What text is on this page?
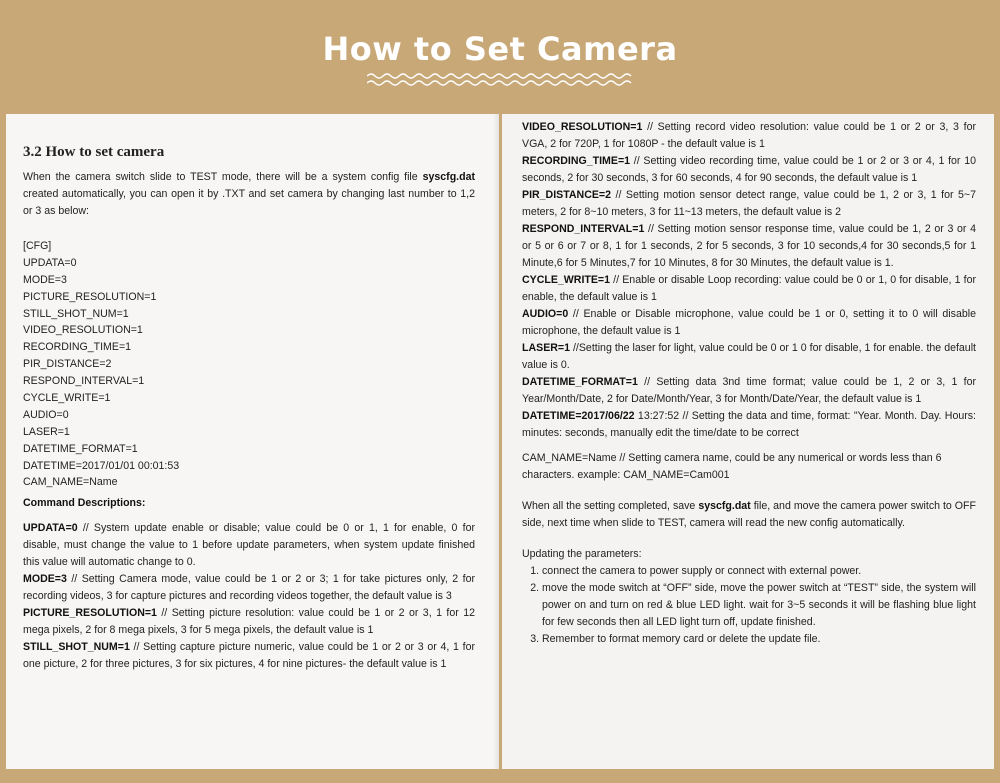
How to Set Camera
3.2 How to set camera

When the camera switch slide to TEST mode, there will be a system config file syscfg.dat created automatically, you can open it by .TXT and set camera by changing last number to 1,2 or 3 as below:

[CFG]
UPDATA=0
MODE=3
PICTURE_RESOLUTION=1
STILL_SHOT_NUM=1
VIDEO_RESOLUTION=1
RECORDING_TIME=1
PIR_DISTANCE=2
RESPOND_INTERVAL=1
CYCLE_WRITE=1
AUDIO=0
LASER=1
DATETIME_FORMAT=1
DATETIME=2017/01/01 00:01:53
CAM_NAME=Name

Command Descriptions:

UPDATA=0 // System update enable or disable; value could be 0 or 1, 1 for enable, 0 for disable, must change the value to 1 before update parameters, when system update finished this value will automatic change to 0.

MODE=3 // Setting Camera mode, value could be 1 or 2 or 3; 1 for take pictures only, 2 for recording videos, 3 for capture pictures and recording videos together, the default value is 3

PICTURE_RESOLUTION=1 // Setting picture resolution: value could be 1 or 2 or 3, 1 for 12 mega pixels, 2 for 8 mega pixels, 3 for 5 mega pixels, the default value is 1

STILL_SHOT_NUM=1 // Setting capture picture numeric, value could be 1 or 2 or 3 or 4, 1 for one picture, 2 for three pictures, 3 for six pictures, 4 for nine pictures- the default value is 1

VIDEO_RESOLUTION=1 // Setting record video resolution: value could be 1 or 2 or 3, 3 for VGA, 2 for 720P, 1 for 1080P - the default value is 1

RECORDING_TIME=1 // Setting video recording time, value could be 1 or 2 or 3 or 4, 1 for 10 seconds, 2 for 30 seconds, 3 for 60 seconds, 4 for 90 seconds, the default value is 1

PIR_DISTANCE=2 // Setting motion sensor detect range, value could be 1, 2 or 3, 1 for 5~7 meters, 2 for 8~10 meters, 3 for 11~13 meters, the default value is 2

RESPOND_INTERVAL=1 // Setting motion sensor response time, value could be 1, 2 or 3 or 4 or 5 or 6 or 7 or 8, 1 for 1 seconds, 2 for 5 seconds, 3 for 10 seconds,4 for 30 seconds,5 for 1 Minute,6 for 5 Minutes,7 for 10 Minutes, 8 for 30 Minutes, the default value is 1.

CYCLE_WRITE=1 // Enable or disable Loop recording: value could be 0 or 1, 0 for disable, 1 for enable, the default value is 1

AUDIO=0 // Enable or Disable microphone, value could be 1 or 0, setting it to 0 will disable microphone, the default value is 1

LASER=1 //Setting the laser for light, value could be 0 or 1 0 for disable, 1 for enable. the default value is 0.

DATETIME_FORMAT=1 // Setting data 3nd time format; value could be 1, 2 or 3, 1 for Year/Month/Date, 2 for Date/Month/Year, 3 for Month/Date/Year, the default value is 1

DATETIME=2017/06/22 13:27:52 // Setting the data and time, format: "Year. Month. Day. Hours: minutes: seconds, manually edit the time/date to be correct

CAM_NAME=Name // Setting camera name, could be any numerical or words less than 6 characters. example: CAM_NAME=Cam001

When all the setting completed, save syscfg.dat file, and move the camera power switch to OFF side, next time when slide to TEST, camera will read the new config automatically.

Updating the parameters:

1. connect the camera to power supply or connect with external power.
2. move the mode switch at “OFF” side, move the power switch at “TEST” side, the system will power on and turn on red & blue LED light. wait for 3~5 seconds it will be flashing blue light for few seconds then all LED light turn off, update finished.
3. Remember to format memory card or delete the update file.
